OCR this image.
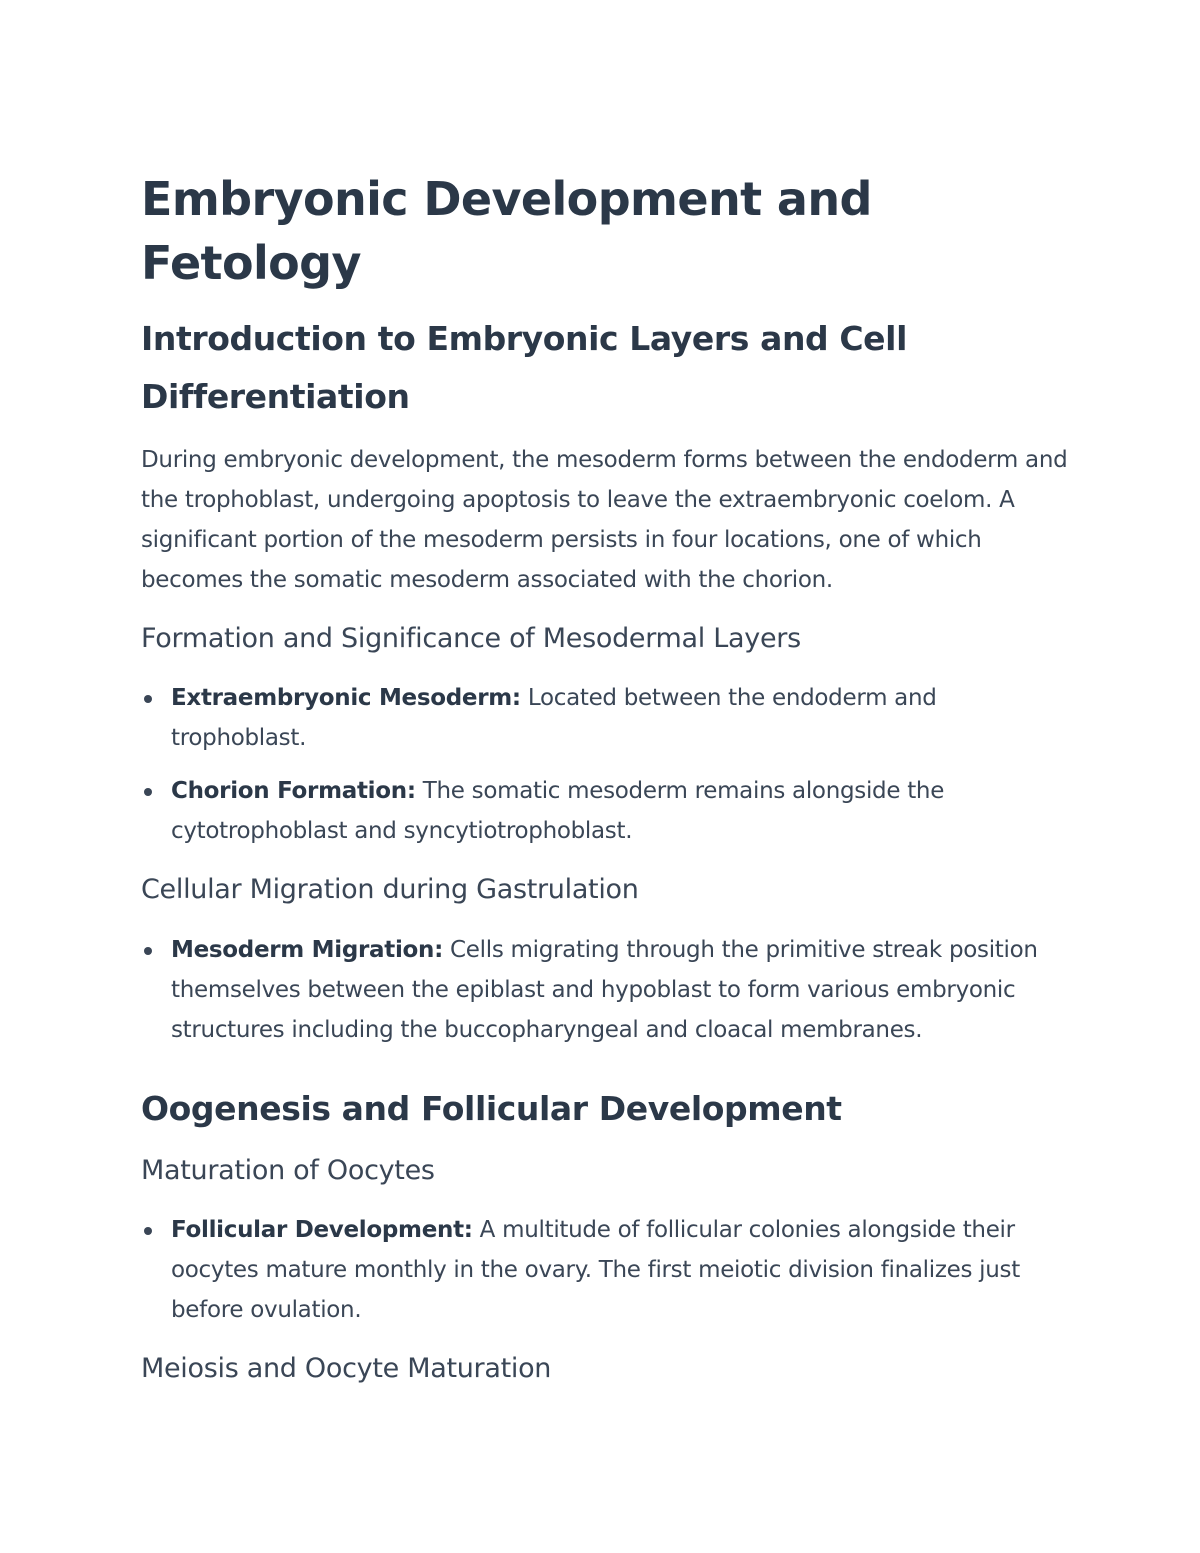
Embryonic Development and Fetology
Introduction to Embryonic Layers and Cell Differentiation

During embryonic development, the mesoderm forms between the endoderm and the trophoblast, undergoing apoptosis to leave the extraembryonic coelom. A significant portion of the mesoderm persists in four locations, one of which becomes the somatic mesoderm associated with the chorion.

Formation and Significance of Mesodermal Layers
Extraembryonic Mesoderm: Located between the endoderm and trophoblast.
Chorion Formation: The somatic mesoderm remains alongside the cytotrophoblast and syncytiotrophoblast.
Cellular Migration during Gastrulation
Mesoderm Migration: Cells migrating through the primitive streak position themselves between the epiblast and hypoblast to form various embryonic structures including the buccopharyngeal and cloacal membranes.
Oogenesis and Follicular Development
Maturation of Oocytes
Follicular Development: A multitude of follicular colonies alongside their oocytes mature monthly in the ovary. The first meiotic division finalizes just before ovulation.
Meiosis and Oocyte Maturation
